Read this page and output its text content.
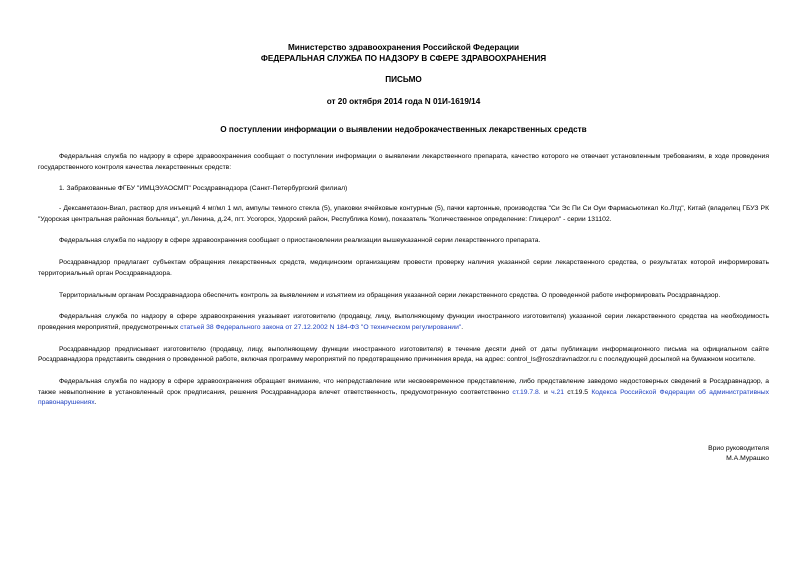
Министерство здравоохранения Российской Федерации
ФЕДЕРАЛЬНАЯ СЛУЖБА ПО НАДЗОРУ В СФЕРЕ ЗДРАВООХРАНЕНИЯ
ПИСЬМО
от 20 октября 2014 года N 01И-1619/14
О поступлении информации о выявлении недоброкачественных лекарственных средств

Федеральная служба по надзору в сфере здравоохранения сообщает о поступлении информации о выявлении лекарственного препарата, качество которого не отвечает установленным требованиям, в ходе проведения государственного контроля качества лекарственных средств:

1. Забракованные ФГБУ "ИМЦЭУАОСМП" Росздравнадзора (Санкт-Петербургский филиал)

- Дексаметазон-Виал, раствор для инъекций 4 мг/мл 1 мл, ампулы темного стекла (5), упаковки ячейковые контурные (5), пачки картонные, производства "Си Эс Пи Си Оуи Фармасьютикал Ко.Лтд", Китай (владелец ГБУЗ РК "Удорская центральная районная больница", ул.Ленина, д.24, пгт. Усогорск, Удорский район, Республика Коми), показатель "Количественное определение: Глицерол" - серии 131102.

Федеральная служба по надзору в сфере здравоохранения сообщает о приостановлении реализации вышеуказанной серии лекарственного препарата.

Росздравнадзор предлагает субъектам обращения лекарственных средств, медицинским организациям провести проверку наличия указанной серии лекарственного средства, о результатах которой информировать территориальный орган Росздравнадзора.

Территориальным органам Росздравнадзора обеспечить контроль за выявлением и изъятием из обращения указанной серии лекарственного средства. О проведенной работе информировать Росздравнадзор.

Федеральная служба по надзору в сфере здравоохранения указывает изготовителю (продавцу, лицу, выполняющему функции иностранного изготовителя) указанной серии лекарственного средства на необходимость проведения мероприятий, предусмотренных статьей 38 Федерального закона от 27.12.2002 N 184-ФЗ "О техническом регулировании".

Росздравнадзор предписывает изготовителю (продавцу, лицу, выполняющему функции иностранного изготовителя) в течение десяти дней от даты публикации информационного письма на официальном сайте Росздравнадзора представить сведения о проведенной работе, включая программу мероприятий по предотвращению причинения вреда, на адрес: control_ls@roszdravnadzor.ru с последующей досылкой на бумажном носителе.

Федеральная служба по надзору в сфере здравоохранения обращает внимание, что непредставление или несвоевременное представление, либо представление заведомо недостоверных сведений в Росздравнадзор, а также невыполнение в установленный срок предписания, решения Росздравнадзора влечет ответственность, предусмотренную соответственно ст.19.7.8. и ч.21 ст.19.5 Кодекса Российской Федерации об административных правонарушениях.

Врио руководителя
М.А.Мурашко
